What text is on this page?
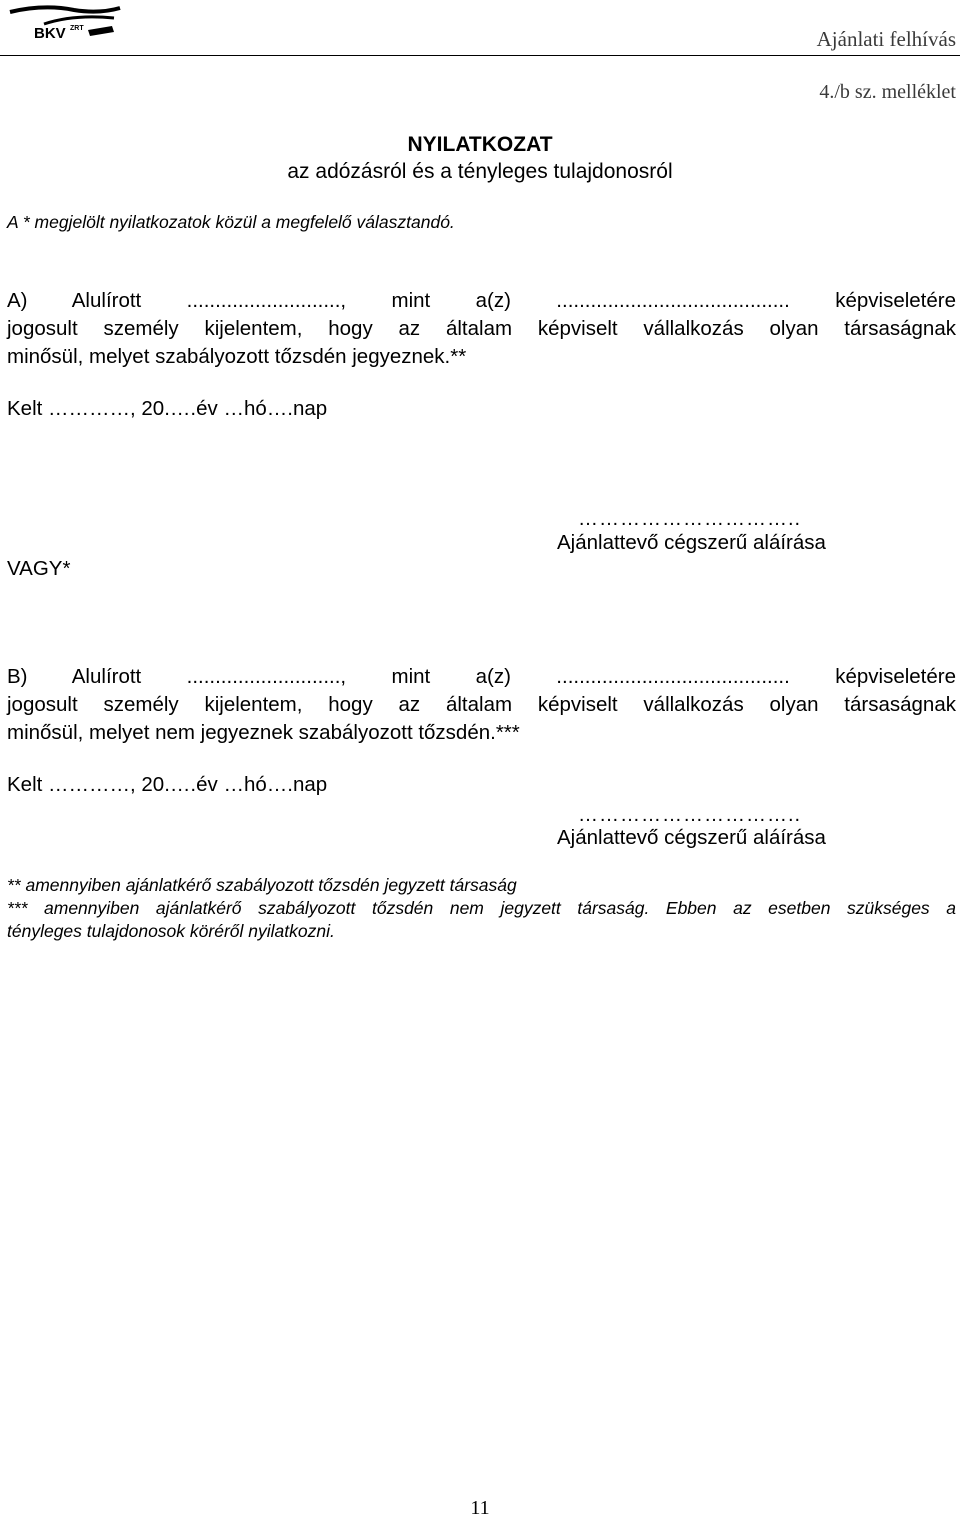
BKV ZRT	Ajánlati felhívás
4./b sz. melléklet
NYILATKOZAT
az adózásról és a tényleges tulajdonosról
A * megjelölt nyilatkozatok közül a megfelelő választandó.
A) Alulírott ..........................., mint a(z) ......................................... képviseletére
jogosult személy kijelentem, hogy az általam képviselt vállalkozás olyan társaságnak
minősül, melyet szabályozott tőzsdén jegyeznek.**
Kelt …………, 20.….év …hó….nap
…………………………..
Ajánlattevő cégszerű aláírása
VAGY*
B) Alulírott ..........................., mint a(z) ......................................... képviseletére
jogosult személy kijelentem, hogy az általam képviselt vállalkozás olyan társaságnak
minősül, melyet nem jegyeznek szabályozott tőzsdén.***
Kelt …………, 20.….év …hó….nap
…………………………..
Ajánlattevő cégszerű aláírása
** amennyiben ajánlatkérő szabályozott tőzsdén jegyzett társaság
*** amennyiben ajánlatkérő szabályozott tőzsdén nem jegyzett társaság. Ebben az esetben szükséges a
tényleges tulajdonosok köréről nyilatkozni.
11
